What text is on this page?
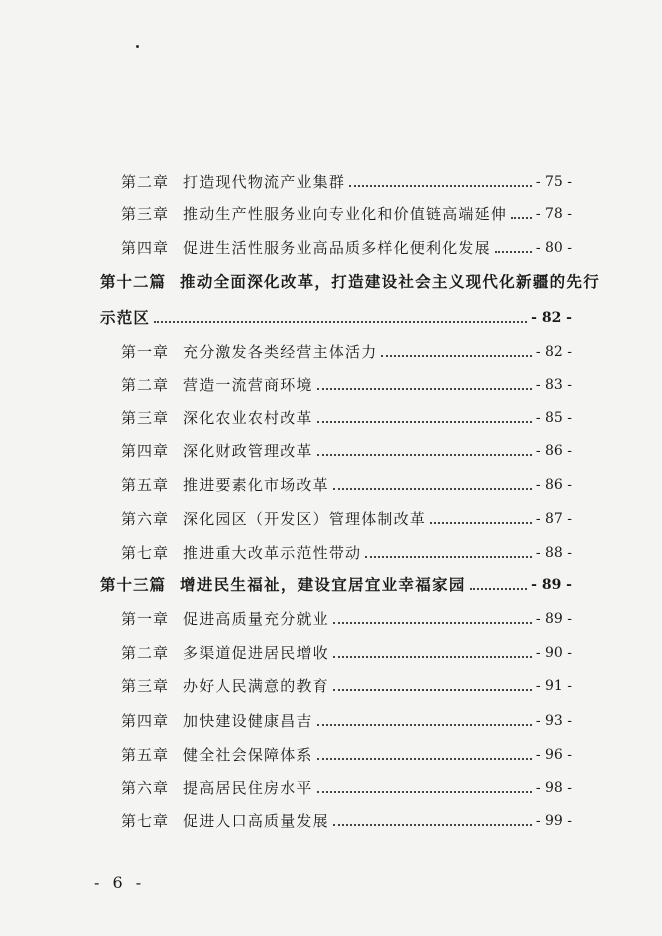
第二章 打造现代物流产业集群	- 75 -
第三章 推动生产性服务业向专业化和价值链高端延伸 - 78 -
第四章 促进生活性服务业高品质多样化便利化发展	- 80 -
第十二篇 推动全面深化改革，打造建设社会主义现代化新疆的先行
示范区	- 82 -
第一章 充分激发各类经营主体活力	- 82 -
第二章 营造一流营商环境	- 83 -
第三章 深化农业农村改革	- 85 -
第四章 深化财政管理改革	- 86 -
第五章 推进要素化市场改革	- 86 -
第六章 深化园区（开发区）管理体制改革	- 87 -
第七章 推进重大改革示范性带动	- 88 -
第十三篇 增进民生福祉，建设宜居宜业幸福家园	- 89 -
第一章 促进高质量充分就业	- 89 -
第二章 多渠道促进居民增收	- 90 -
第三章 办好人民满意的教育	- 91 -
第四章 加快建设健康昌吉	- 93 -
第五章 健全社会保障体系	- 96 -
第六章 提高居民住房水平	- 98 -
第七章 促进人口高质量发展	- 99 -
- 6 -
